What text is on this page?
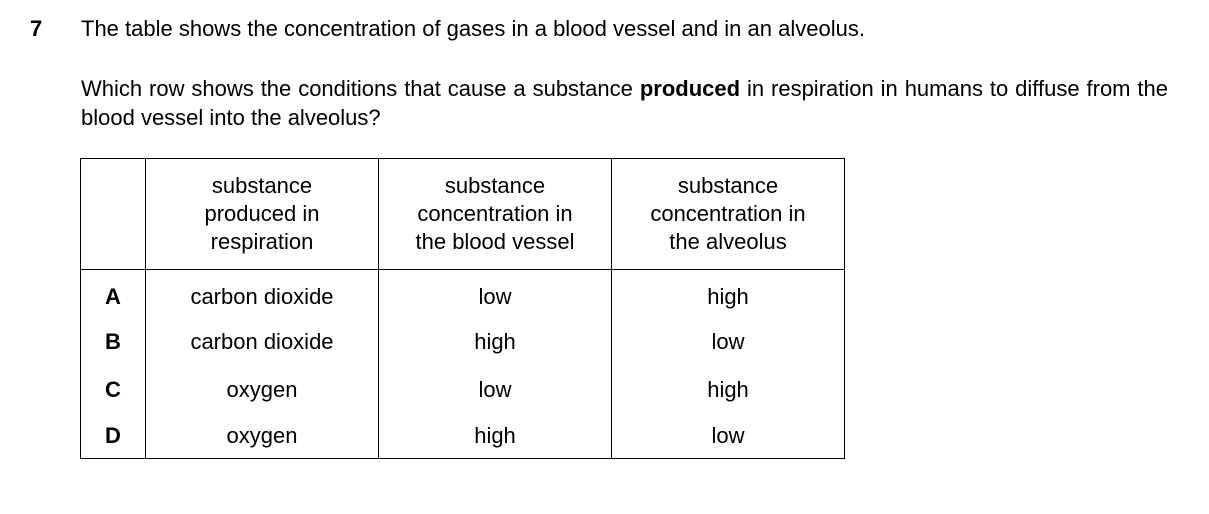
7 The table shows the concentration of gases in a blood vessel and in an alveolus.
Which row shows the conditions that cause a substance produced in respiration in humans to diffuse from the blood vessel into the alveolus?

	substance
produced in
respiration	substance
concentration in
the blood vessel	substance
concentration in
the alveolus

A	carbon dioxide	low	high
B	carbon dioxide	high	low
C	oxygen	low	high
D	oxygen	high	low
